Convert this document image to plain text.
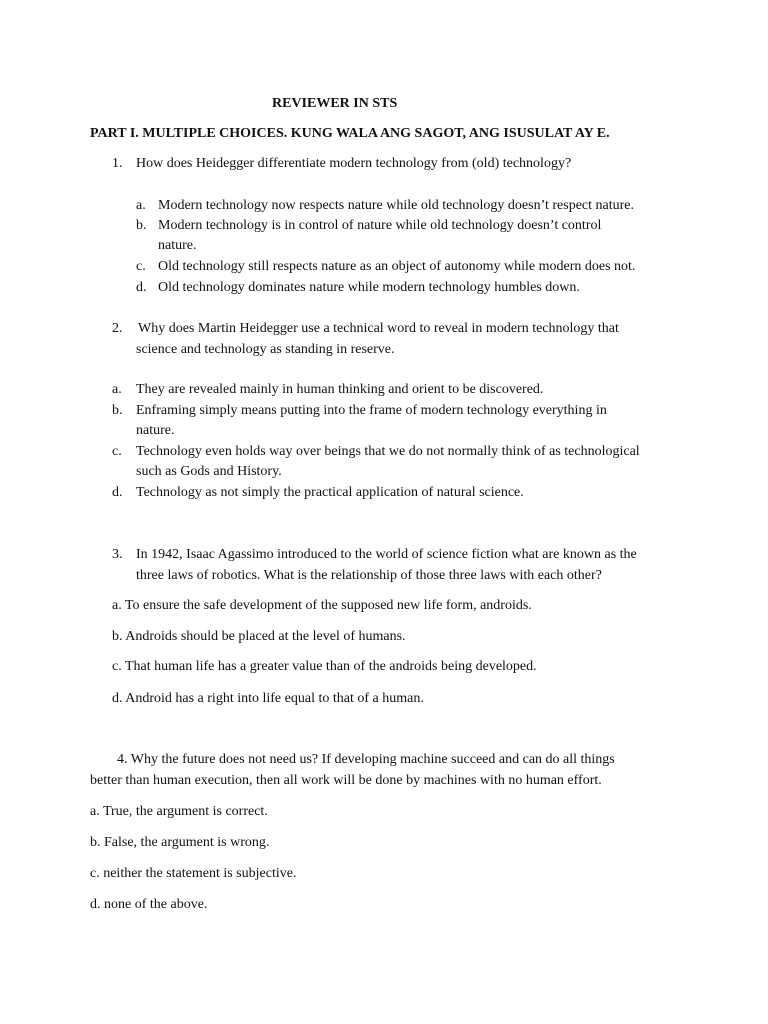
REVIEWER IN STS
PART I. MULTIPLE CHOICES. KUNG WALA ANG SAGOT, ANG ISUSULAT AY E.
1. How does Heidegger differentiate modern technology from (old) technology?
a. Modern technology now respects nature while old technology doesn’t respect nature.
b. Modern technology is in control of nature while old technology doesn’t control
nature.
c. Old technology still respects nature as an object of autonomy while modern does not.
d. Old technology dominates nature while modern technology humbles down.
2. Why does Martin Heidegger use a technical word to reveal in modern technology that
science and technology as standing in reserve.
a. They are revealed mainly in human thinking and orient to be discovered.
b. Enframing simply means putting into the frame of modern technology everything in
nature.
c. Technology even holds way over beings that we do not normally think of as technological
such as Gods and History.
d. Technology as not simply the practical application of natural science.
3. In 1942, Isaac Agassimo introduced to the world of science fiction what are known as the
three laws of robotics. What is the relationship of those three laws with each other?
a. To ensure the safe development of the supposed new life form, androids.
b. Androids should be placed at the level of humans.
c. That human life has a greater value than of the androids being developed.
d. Android has a right into life equal to that of a human.
4. Why the future does not need us? If developing machine succeed and can do all things
better than human execution, then all work will be done by machines with no human effort.
a. True, the argument is correct.
b. False, the argument is wrong.
c. neither the statement is subjective.
d. none of the above.
